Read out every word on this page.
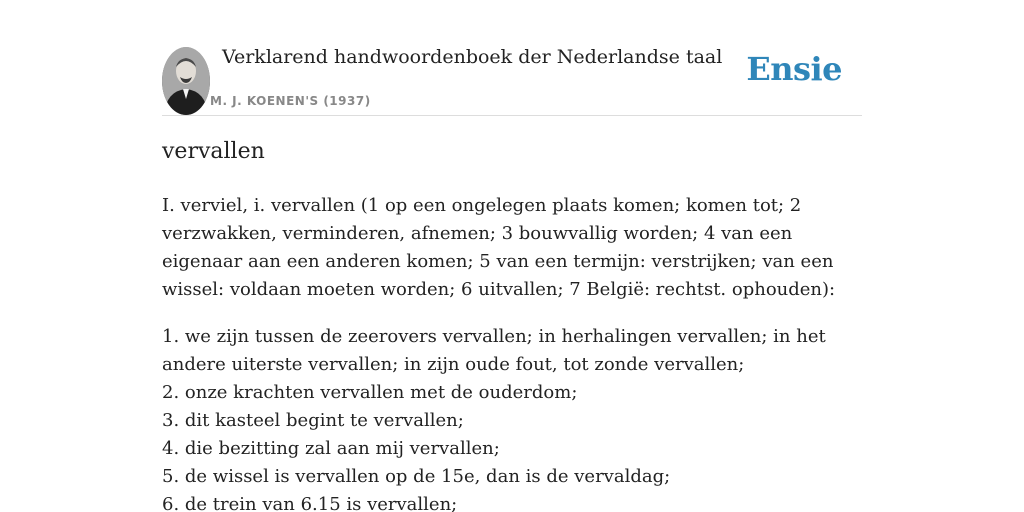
Verklarend handwoordenboek der Nederlandse taal
M. J. KOENEN'S (1937)
Ensie
vervallen

I. verviel, i. vervallen (1 op een ongelegen plaats komen; komen tot; 2 verzwakken, verminderen, afnemen; 3 bouwvallig worden; 4 van een eigenaar aan een anderen komen; 5 van een termijn: verstrijken; van een wissel: voldaan moeten worden; 6 uitvallen; 7 België: rechtst. ophouden):

1. we zijn tussen de zeerovers vervallen; in herhalingen vervallen; in het andere uiterste vervallen; in zijn oude fout, tot zonde vervallen;
2. onze krachten vervallen met de ouderdom;
3. dit kasteel begint te vervallen;
4. die bezitting zal aan mij vervallen;
5. de wissel is vervallen op de 15e, dan is de vervaldag;
6. de trein van 6.15 is vervallen;
